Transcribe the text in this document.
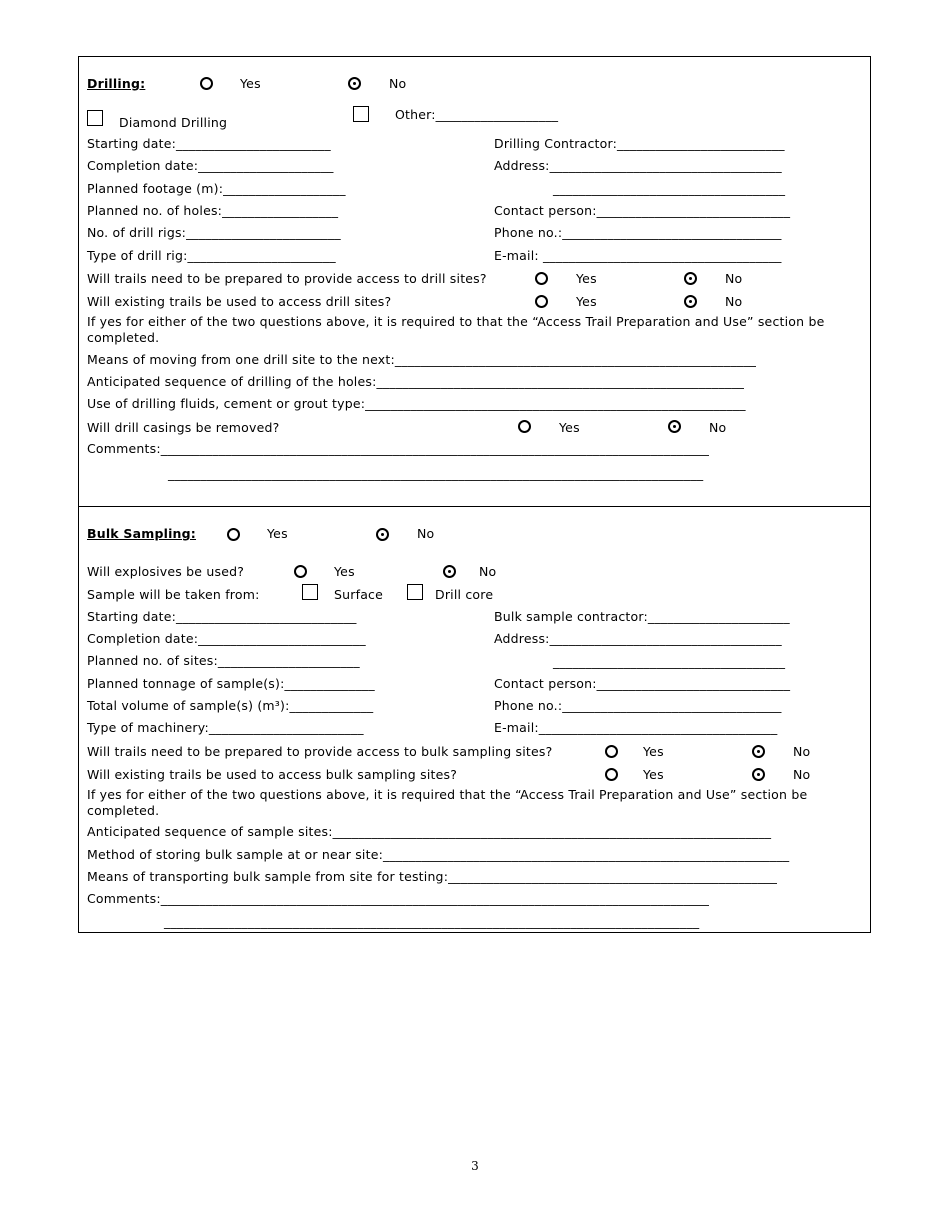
Drilling:	Yes	No
Diamond Drilling
Other:___________________
Starting date:________________________	Drilling Contractor:__________________________
Completion date:_____________________	Address:____________________________________
Planned footage (m):___________________	____________________________________
Planned no. of holes:__________________	Contact person:______________________________
No. of drill rigs:________________________	Phone no.:__________________________________
Type of drill rig:_______________________	E-mail: _____________________________________
Will trails need to be prepared to provide access to drill sites?	Yes	No
Will existing trails be used to access drill sites?	Yes	No
If yes for either of the two questions above, it is required to that the “Access Trail Preparation and Use” section be completed.
Means of moving from one drill site to the next:________________________________________________________
Anticipated sequence of drilling of the holes:_________________________________________________________
Use of drilling fluids, cement or grout type:___________________________________________________________
Will drill casings be removed?	Yes	No
Comments:_____________________________________________________________________________________
___________________________________________________________________________________
Bulk Sampling:	Yes	No
Will explosives be used?	Yes	No
Sample will be taken from:	Surface	Drill core
Starting date:____________________________	Bulk sample contractor:______________________
Completion date:__________________________	Address:____________________________________
Planned no. of sites:______________________	____________________________________
Planned tonnage of sample(s):______________	Contact person:______________________________
Total volume of sample(s) (m³):_____________	Phone no.:__________________________________
Type of machinery:________________________	E-mail:_____________________________________
Will trails need to be prepared to provide access to bulk sampling sites?	Yes	No
Will existing trails be used to access bulk sampling sites?	Yes	No
If yes for either of the two questions above, it is required that the “Access Trail Preparation and Use” section be completed.
Anticipated sequence of sample sites:____________________________________________________________________
Method of storing bulk sample at or near site:_______________________________________________________________
Means of transporting bulk sample from site for testing:___________________________________________________
Comments:_____________________________________________________________________________________
___________________________________________________________________________________
3
